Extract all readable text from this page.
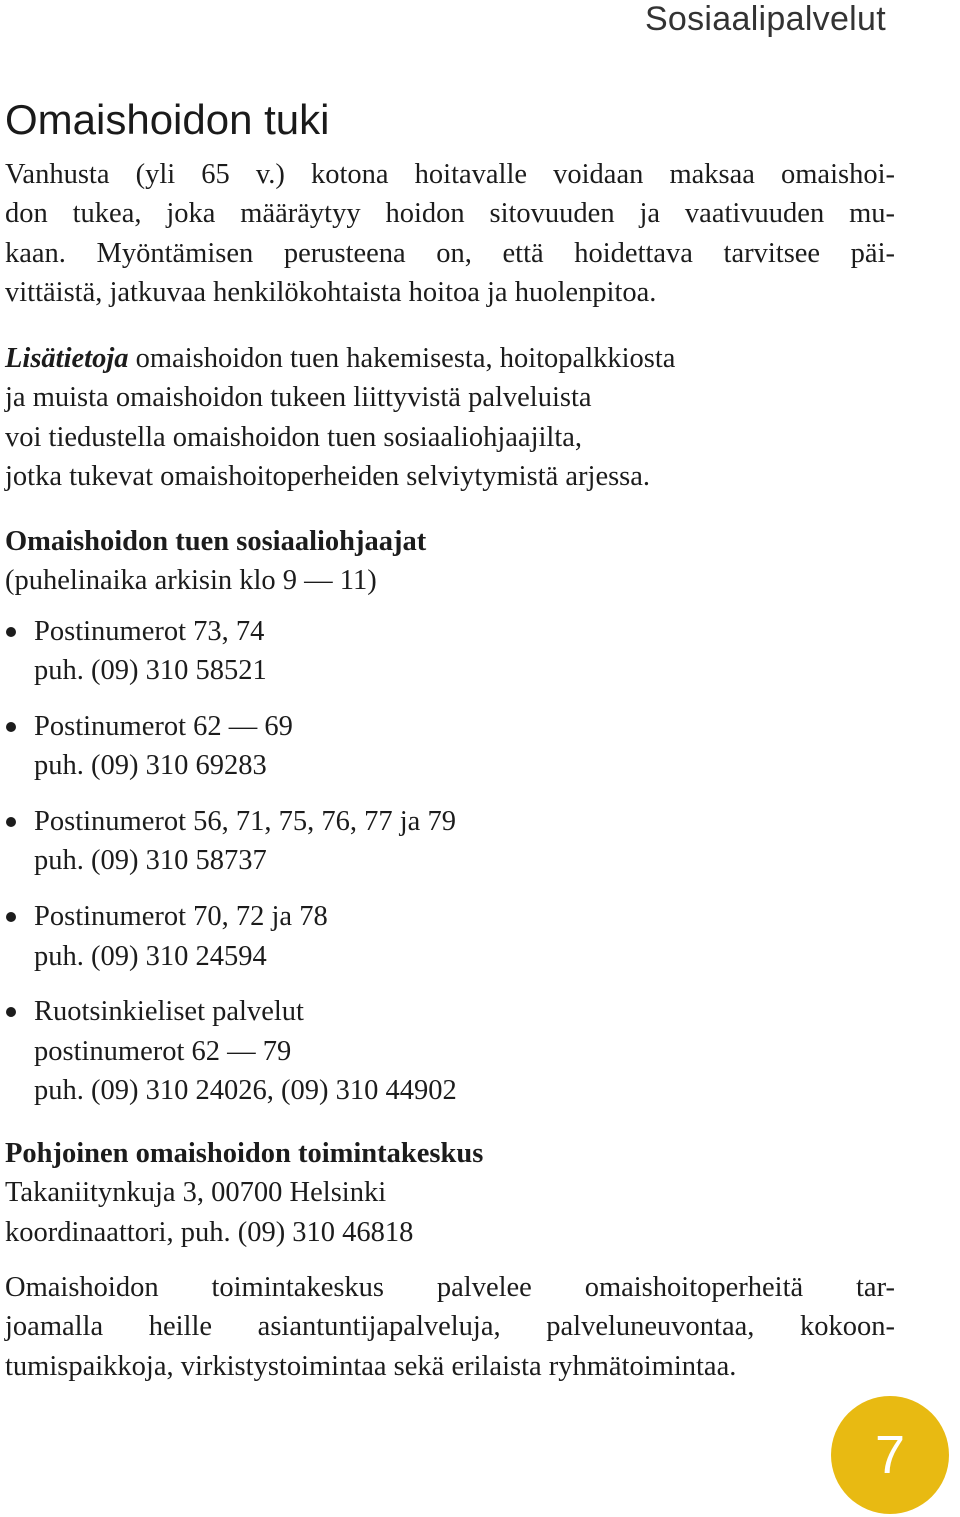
Sosiaalipalvelut
Omaishoidon tuki

Vanhusta (yli 65 v.) kotona hoitavalle voidaan maksaa omaishoi-
don tukea, joka määräytyy hoidon sitovuuden ja vaativuuden mu-
kaan. Myöntämisen perusteena on, että hoidettava tarvitsee päi-
vittäistä, jatkuvaa henkilökohtaista hoitoa ja huolenpitoa.

Lisätietoja omaishoidon tuen hakemisesta, hoitopalkkiosta
ja muista omaishoidon tukeen liittyvistä palveluista
voi tiedustella omaishoidon tuen sosiaaliohjaajilta,
jotka tukevat omaishoitoperheiden selviytymistä arjessa.

Omaishoidon tuen sosiaaliohjaajat
(puhelinaika arkisin klo 9 — 11)

Postinumerot 73, 74
puh. (09) 310 58521
Postinumerot 62 — 69
puh. (09) 310 69283
Postinumerot 56, 71, 75, 76, 77 ja 79
puh. (09) 310 58737
Postinumerot 70, 72 ja 78
puh. (09) 310 24594
Ruotsinkieliset palvelut
postinumerot 62 — 79
puh. (09) 310 24026, (09) 310 44902

Pohjoinen omaishoidon toimintakeskus
Takaniitynkuja 3, 00700 Helsinki
koordinaattori, puh. (09) 310 46818

Omaishoidon toimintakeskus palvelee omaishoitoperheitä tar-
joamalla heille asiantuntijapalveluja, palveluneuvontaa, kokoon-
tumispaikkoja, virkistystoimintaa sekä erilaista ryhmätoimintaa.

7
